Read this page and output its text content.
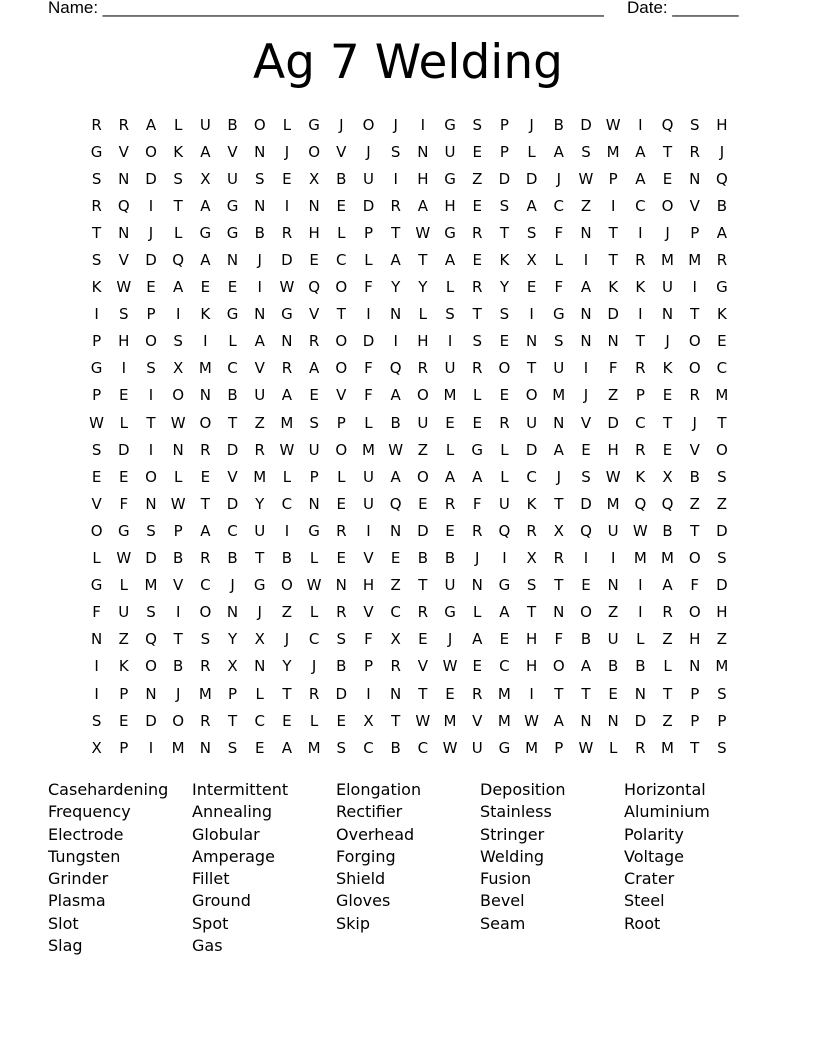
Name: _____________________________________________________ Date: _______
Ag 7 Welding
R	R	A	L	U	B	O	L	G	J	O	J	I	G	S	P	J	B	D W	I	Q	S	H
G	V	O	K	A	V	N	J	O	V	J	S	N	U	E	P	L	A	S	M	A	T	R	J
S	N	D	S	X	U	S	E	X	B	U	I	H	G	Z	D	D	J	W	P	A	E	N	Q
R	Q	I	T	A	G	N	I	N	E	D	R	A	H	E	S	A	C	Z	I	C	O	V	B
T	N	J	L	G	G	B	R	H	L	P	T	W G	R	T	S	F	N	T	I	J	P	A
S	V	D	Q	A	N	J	D	E	C	L	A	T	A	E	K	X	L	I	T	R	M M	R
K W	E	A	E	E	I	W Q	O	F	Y	Y	L	R	Y	E	F	A	K	K	U	I	G
I	S	P	I	K	G	N	G	V	T	I	N	L	S	T	S	I	G	N	D	I	N	T	K
P	H	O	S	I	L	A	N	R	O	D	I	H	I	S	E	N	S	N	N	T	J	O	E
G	I	S	X	M	C	V	R	A	O	F	Q	R	U	R	O	T	U	I	F	R	K	O	C
P	E	I	O	N	B	U	A	E	V	F	A	O M	L	E	O M	J	Z	P	E	R	M
W	L	T	W O	T	Z	M	S	P	L	B	U	E	E	R	U	N	V	D	C	T	J	T
S	D	I	N	R	D	R W U	O M W Z	L	G	L	D	A	E	H	R	E	V	O
E	E	O	L	E	V	M	L	P	L	U	A	O	A	A	L	C	J	S	W K	X	B	S
V	F	N W	T	D	Y	C	N	E	U	Q	E	R	F	U	K	T	D M Q	Q	Z	Z
O	G	S	P	A	C	U	I	G	R	I	N	D	E	R	Q	R	X	Q	U W B	T	D
L	W D	B	R	B	T	B	L	E	V	E	B	B	J	I	X	R	I	I	M M O	S
G	L	M	V	C	J	G	O W N	H	Z	T	U	N	G	S	T	E	N	I	A	F	D
F	U	S	I	O	N	J	Z	L	R	V	C	R	G	L	A	T	N	O	Z	I	R	O	H
N	Z	Q	T	S	Y	X	J	C	S	F	X	E	J	A	E	H	F	B	U	L	Z	H	Z
I	K	O	B	R	X	N	Y	J	B	P	R	V W	E	C	H	O	A	B	B	L	N	M
I	P	N	J	M	P	L	T	R	D	I	N	T	E	R	M	I	T	T	E	N	T	P	S
S	E	D	O	R	T	C	E	L	E	X	T	W M	V	M W A	N	N	D	Z	P	P
X	P	I	M	N	S	E	A	M	S	C	B	C W U	G M	P	W	L	R	M	T	S
Casehardening	Intermittent	Elongation	Deposition	Horizontal
Frequency	Annealing	Rectifier	Stainless	Aluminium
Electrode	Globular	Overhead	Stringer	Polarity
Tungsten	Amperage	Forging	Welding	Voltage
Grinder	Fillet	Shield	Fusion	Crater
Plasma	Ground	Gloves	Bevel	Steel
Slot	Spot	Skip	Seam	Root
Slag	Gas
